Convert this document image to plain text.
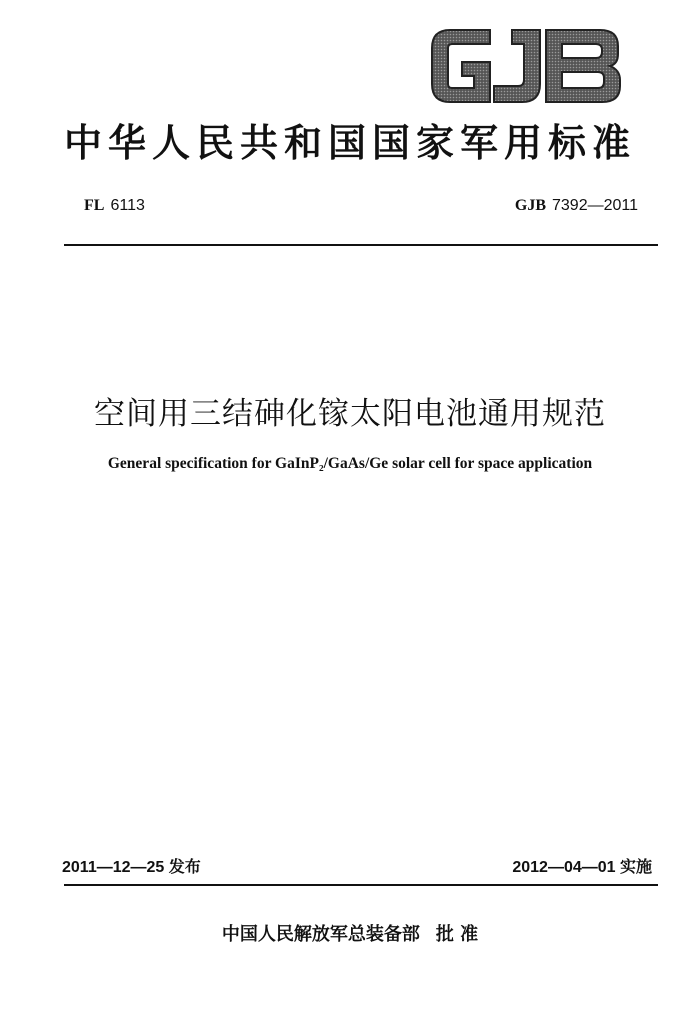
中华人民共和国国家军用标准
FL 6113	GJB 7392—2011
空间用三结砷化镓太阳电池通用规范
General specification for GaInP₂/GaAs/Ge solar cell for space application
2011—12—25 发布	2012—04—01 实施
中国人民解放军总装备部 批 准
